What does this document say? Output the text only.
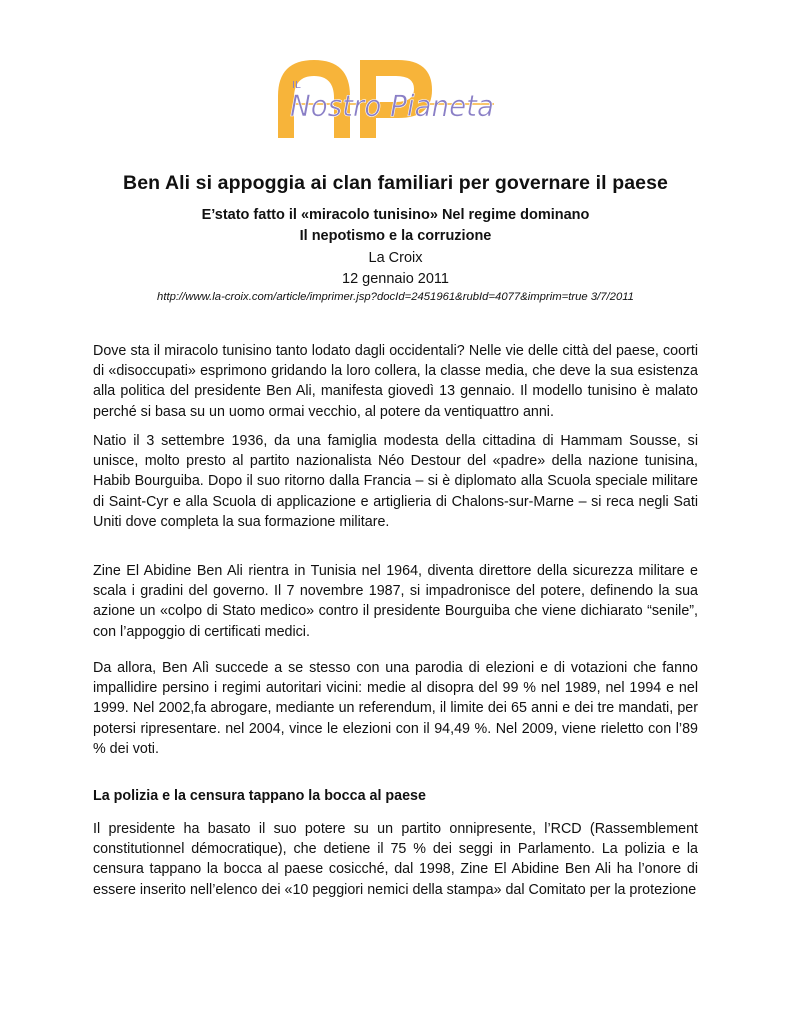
IL
Nostro Pianeta
Ben Ali si appoggia ai clan familiari per governare il paese
E’stato fatto il «miracolo tunisino» Nel regime dominano
Il nepotismo e la corruzione
La Croix
12 gennaio 2011
http://www.la-croix.com/article/imprimer.jsp?docId=2451961&rubId=4077&imprim=true 3/7/2011

Dove sta il miracolo tunisino tanto lodato dagli occidentali? Nelle vie delle città del paese, coorti di «disoccupati» esprimono gridando la loro collera, la classe media, che deve la sua esistenza alla politica del presidente Ben Ali, manifesta giovedì 13 gennaio. Il modello tunisino è malato perché si basa su un uomo ormai vecchio, al potere da ventiquattro anni.

Natio il 3 settembre 1936, da una famiglia modesta della cittadina di Hammam Sousse, si unisce, molto presto al partito nazionalista Néo Destour del «padre» della nazione tunisina, Habib Bourguiba. Dopo il suo ritorno dalla Francia – si è diplomato alla Scuola speciale militare di Saint-Cyr e alla Scuola di applicazione e artiglieria di Chalons-sur-Marne – si reca negli Sati Uniti dove completa la sua formazione militare.

Zine El Abidine Ben Ali rientra in Tunisia nel 1964, diventa direttore della sicurezza militare e scala i gradini del governo. Il 7 novembre 1987, si impadronisce del potere, definendo la sua azione un «colpo di Stato medico» contro il presidente Bourguiba che viene dichiarato “senile”, con l’appoggio di certificati medici.

Da allora, Ben Alì succede a se stesso con una parodia di elezioni e di votazioni che fanno impallidire persino i regimi autoritari vicini: medie al disopra del 99 % nel 1989, nel 1994 e nel 1999. Nel 2002,fa abrogare, mediante un referendum, il limite dei 65 anni e dei tre mandati, per potersi ripresentare. nel 2004, vince le elezioni con il 94,49 %. Nel 2009, viene rieletto con l’89 % dei voti.

La polizia e la censura tappano la bocca al paese

Il presidente ha basato il suo potere su un partito onnipresente, l’RCD (Rassemblement constitutionnel démocratique), che detiene il 75 % dei seggi in Parlamento. La polizia e la censura tappano la bocca al paese cosicché, dal 1998, Zine El Abidine Ben Ali ha l’onore di essere inserito nell’elenco dei «10 peggiori nemici della stampa» dal Comitato per la protezione
